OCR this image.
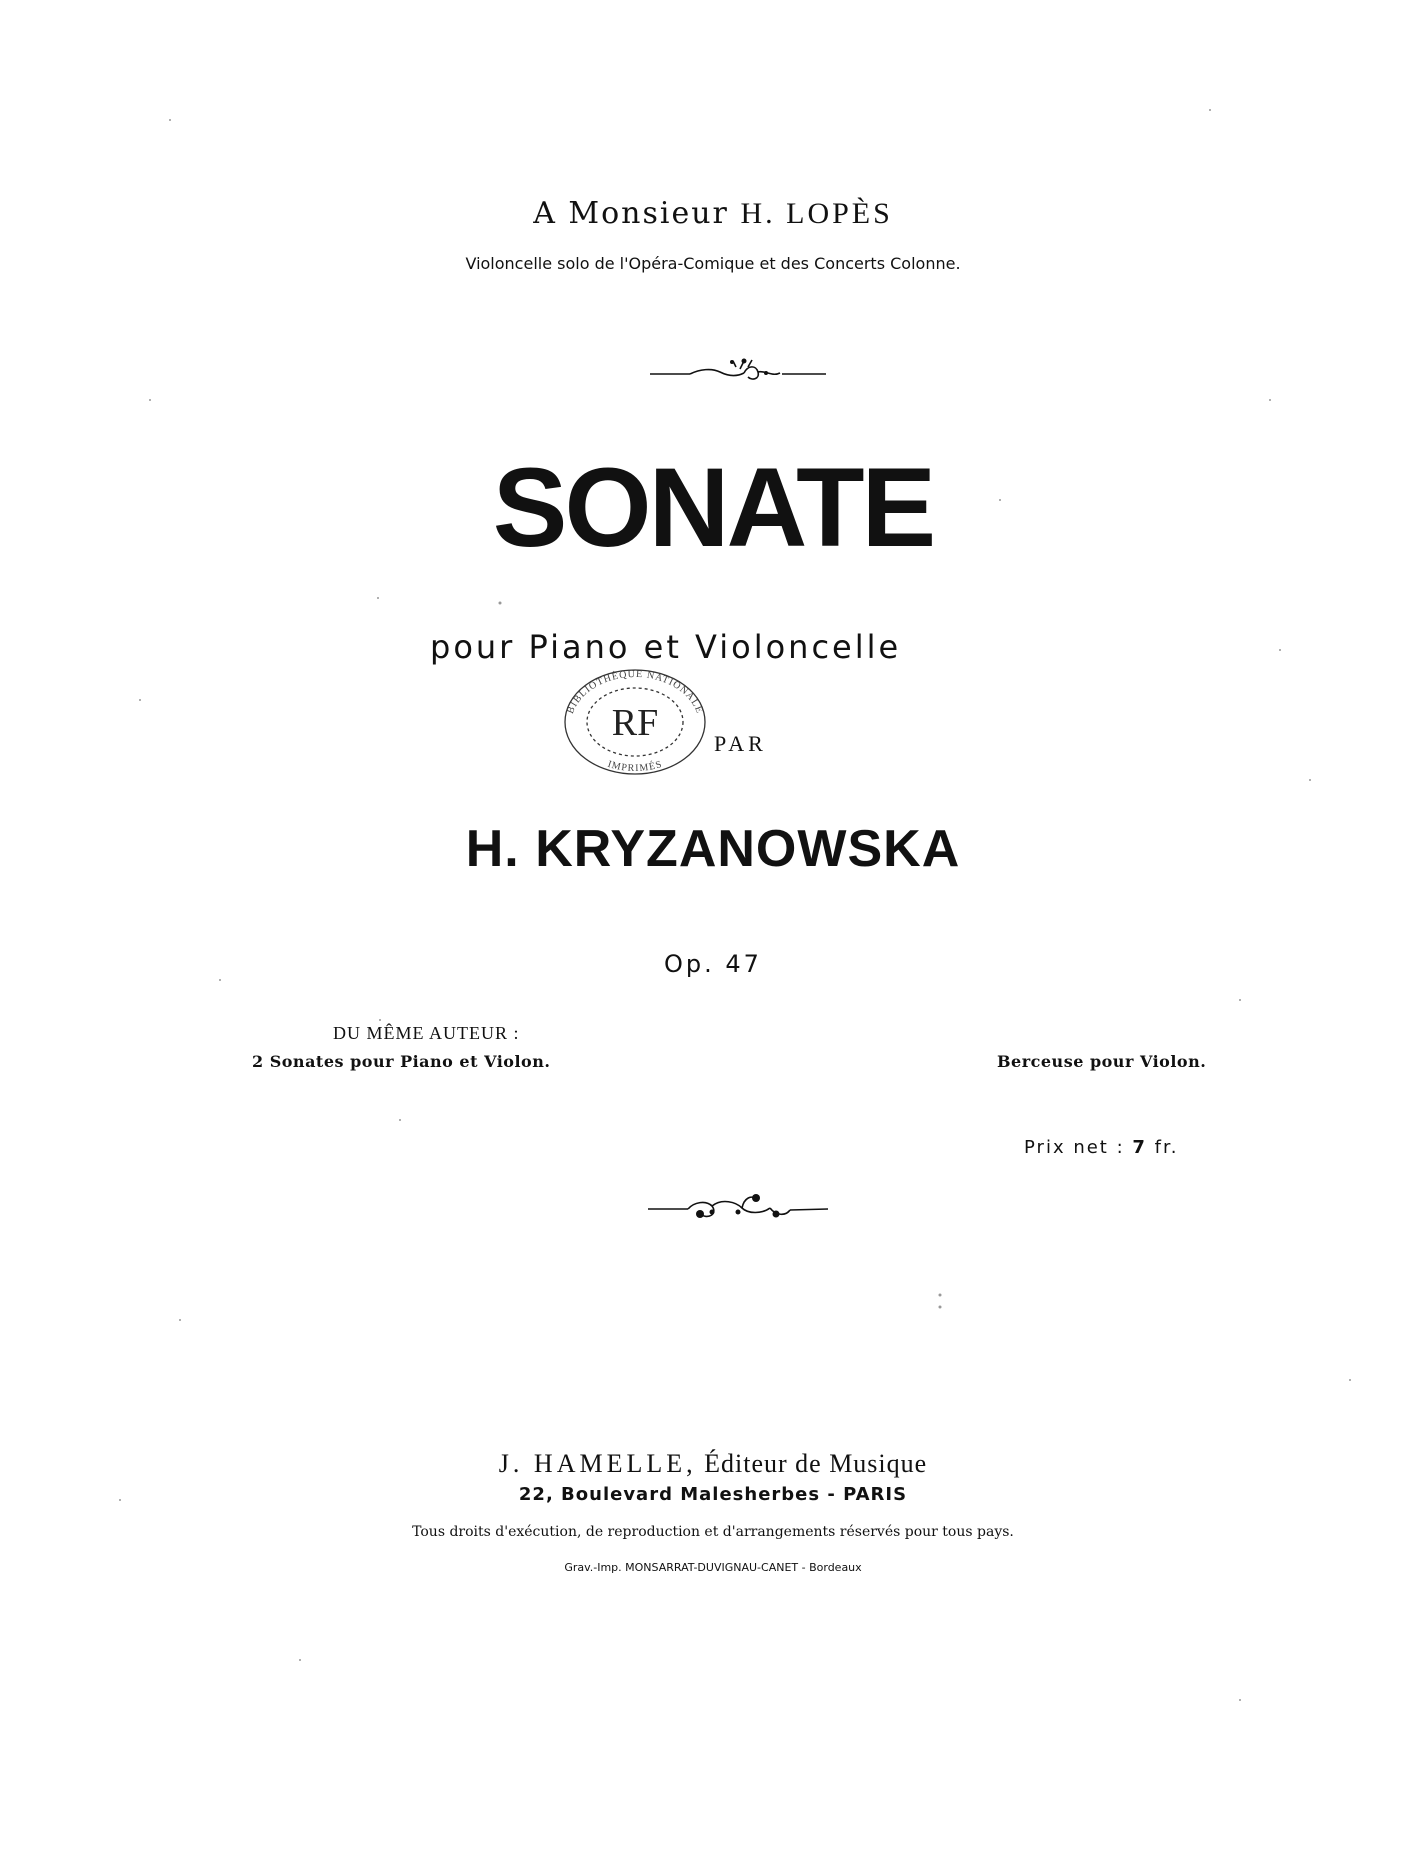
A Monsieur H. LOPÈS
Violoncelle solo de l'Opéra-Comique et des Concerts Colonne.
SONATE
pour Piano et Violoncelle
RF
BIBLIOTHÈQUE NATIONALE
IMPRIMÉS
PAR
H. KRYZANOWSKA
Op. 47
DU MÊME AUTEUR :
2 Sonates pour Piano et Violon.	Berceuse pour Violon.
Prix net : 7 fr.
J. HAMELLE, Éditeur de Musique
22, Boulevard Malesherbes - PARIS
Tous droits d'exécution, de reproduction et d'arrangements réservés pour tous pays.
Grav.-Imp. MONSARRAT-DUVIGNAU-CANET - Bordeaux
